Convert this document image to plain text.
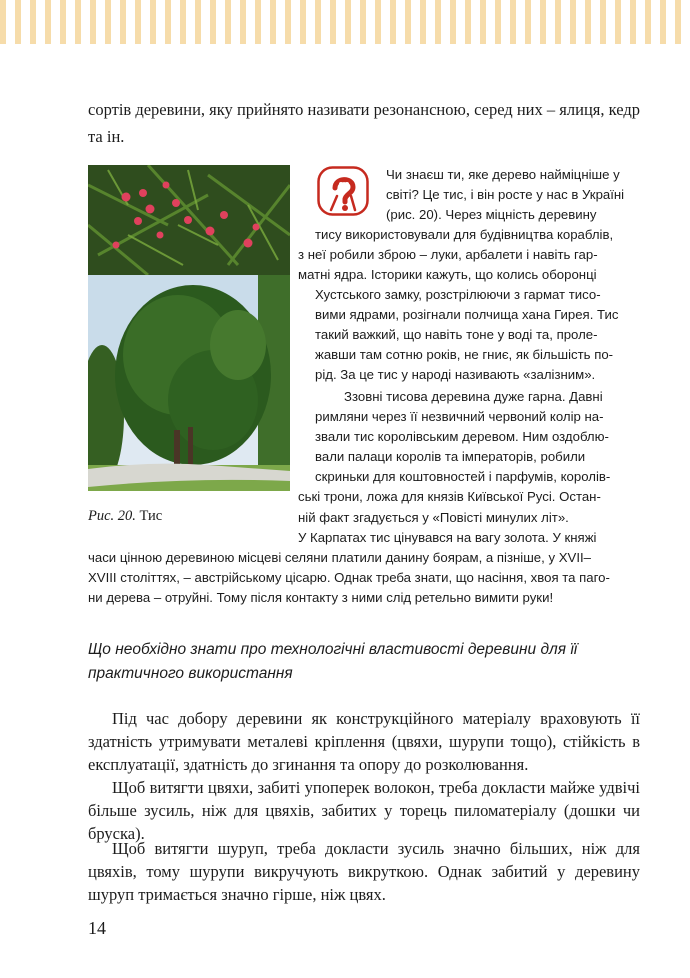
сортів деревини, яку прийнято називати резонансною, серед них – ялиця, кедр та ін.

Рис. 20. Тис

Чи знаєш ти, яке дерево найміцніше у

світі? Це тис, і він росте у нас в Україні

(рис. 20). Через міцність деревину

тису використовували для будівництва кораблів,

з неї робили зброю – луки, арбалети і навіть гар-

матні ядра. Історики кажуть, що колись оборонці

Хустського замку, розстрілюючи з гармат тисо-

вими ядрами, розігнали полчища хана Гирея. Тис

такий важкий, що навіть тоне у воді та, проле-

жавши там сотню років, не гниє, як більшість по-

рід. За це тис у народі називають «залізним».

Ззовні тисова деревина дуже гарна. Давні

римляни через її незвичний червоний колір на-

звали тис королівським деревом. Ним оздоблю-

вали палаци королів та імператорів, робили

скриньки для коштовностей і парфумів, королів-

ські трони, ложа для князів Київської Русі. Остан-

ній факт згадується у «Повісті минулих літ».

У Карпатах тис цінувався на вагу золота. У княжі

часи цінною деревиною місцеві селяни платили данину боярам, а пізніше, у XVII–

XVIII століттях, – австрійському цісарю. Однак треба знати, що насіння, хвоя та паго-

ни дерева – отруйні. Тому після контакту з ними слід ретельно вимити руки!

Що необхідно знати про технологічні властивості деревини для її практичного використання

Під час добору деревини як конструкційного матеріалу враховують її здатність утримувати металеві кріплення (цвяхи, шурупи тощо), стійкість в експлуатації, здатність до згинання та опору до розколювання.

Щоб витягти цвяхи, забиті упоперек волокон, треба докласти майже удвічі більше зусиль, ніж для цвяхів, забитих у торець пиломатеріалу (дошки чи бруска).

Щоб витягти шуруп, треба докласти зусиль значно більших, ніж для цвяхів, тому шурупи викручують викруткою. Однак забитий у деревину шуруп тримається значно гірше, ніж цвях.

14
